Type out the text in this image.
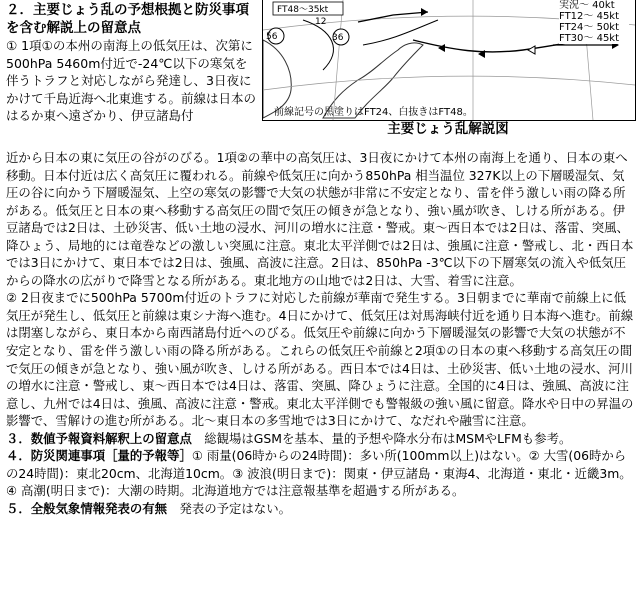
２．主要じょう乱の予想根拠と防災事項を含む解説上の留意点
① 1項①の本州の南海上の低気圧は、次第に500hPa 5460m付近で-24℃以下の寒気を伴うトラフと対応しながら発達し、3日夜にかけて千島近海へ北東進する。前線は日本のはるか東へ遠ざかり、伊豆諸島付
56	36
12
FT48～35kt	実況～ 40kt
FT12～ 45kt
FT24～ 50kt
FT30～ 45kt
前線記号の黒塗りはFT24、白抜きはFT48。
主要じょう乱解説図

近から日本の東に気圧の谷がのびる。1項②の華中の高気圧は、3日夜にかけて本州の南海上を通り、日本の東へ移動。日本付近は広く高気圧に覆われる。前線や低気圧に向かう850hPa 相当温位 327K以上の下層暖湿気、気圧の谷に向かう下層暖湿気、上空の寒気の影響で大気の状態が非常に不安定となり、雷を伴う激しい雨の降る所がある。低気圧と日本の東へ移動する高気圧の間で気圧の傾きが急となり、強い風が吹き、しける所がある。伊豆諸島では2日は、土砂災害、低い土地の浸水、河川の増水に注意・警戒。東～西日本では2日は、落雷、突風、降ひょう、局地的には竜巻などの激しい突風に注意。東北太平洋側では2日は、強風に注意・警戒し、北・西日本では3日にかけて、東日本では2日は、強風、高波に注意。2日は、850hPa -3℃以下の下層寒気の流入や低気圧からの降水の広がりで降雪となる所がある。東北地方の山地では2日は、大雪、着雪に注意。

② 2日夜までに500hPa 5700m付近のトラフに対応した前線が華南で発生する。3日朝までに華南で前線上に低気圧が発生し、低気圧と前線は東シナ海へ進む。4日にかけて、低気圧は対馬海峡付近を通り日本海へ進む。前線は閉塞しながら、東日本から南西諸島付近へのびる。低気圧や前線に向かう下層暖湿気の影響で大気の状態が不安定となり、雷を伴う激しい雨の降る所がある。これらの低気圧や前線と2項①の日本の東へ移動する高気圧の間で気圧の傾きが急となり、強い風が吹き、しける所がある。西日本では4日は、土砂災害、低い土地の浸水、河川の増水に注意・警戒し、東～西日本では4日は、落雷、突風、降ひょうに注意。全国的に4日は、強風、高波に注意し、九州では4日は、強風、高波に注意・警戒。東北太平洋側でも警報級の強い風に留意。降水や日中の昇温の影響で、雪解けの進む所がある。北～東日本の多雪地では3日にかけて、なだれや融雪に注意。

３．数値予報資料解釈上の留意点　 総観場はGSMを基本、量的予想や降水分布はMSMやLFMも参考。

４．防災関連事項［量的予報等］① 雨量(06時からの24時間)：多い所(100mm以上)はない。② 大雪(06時からの24時間)：東北20cm、北海道10cm。③ 波浪(明日まで)：関東・伊豆諸島・東海4、北海道・東北・近畿3m。④ 高潮(明日まで)：大潮の時期。北海道地方では注意報基準を超過する所がある。

５．全般気象情報発表の有無　 発表の予定はない。
